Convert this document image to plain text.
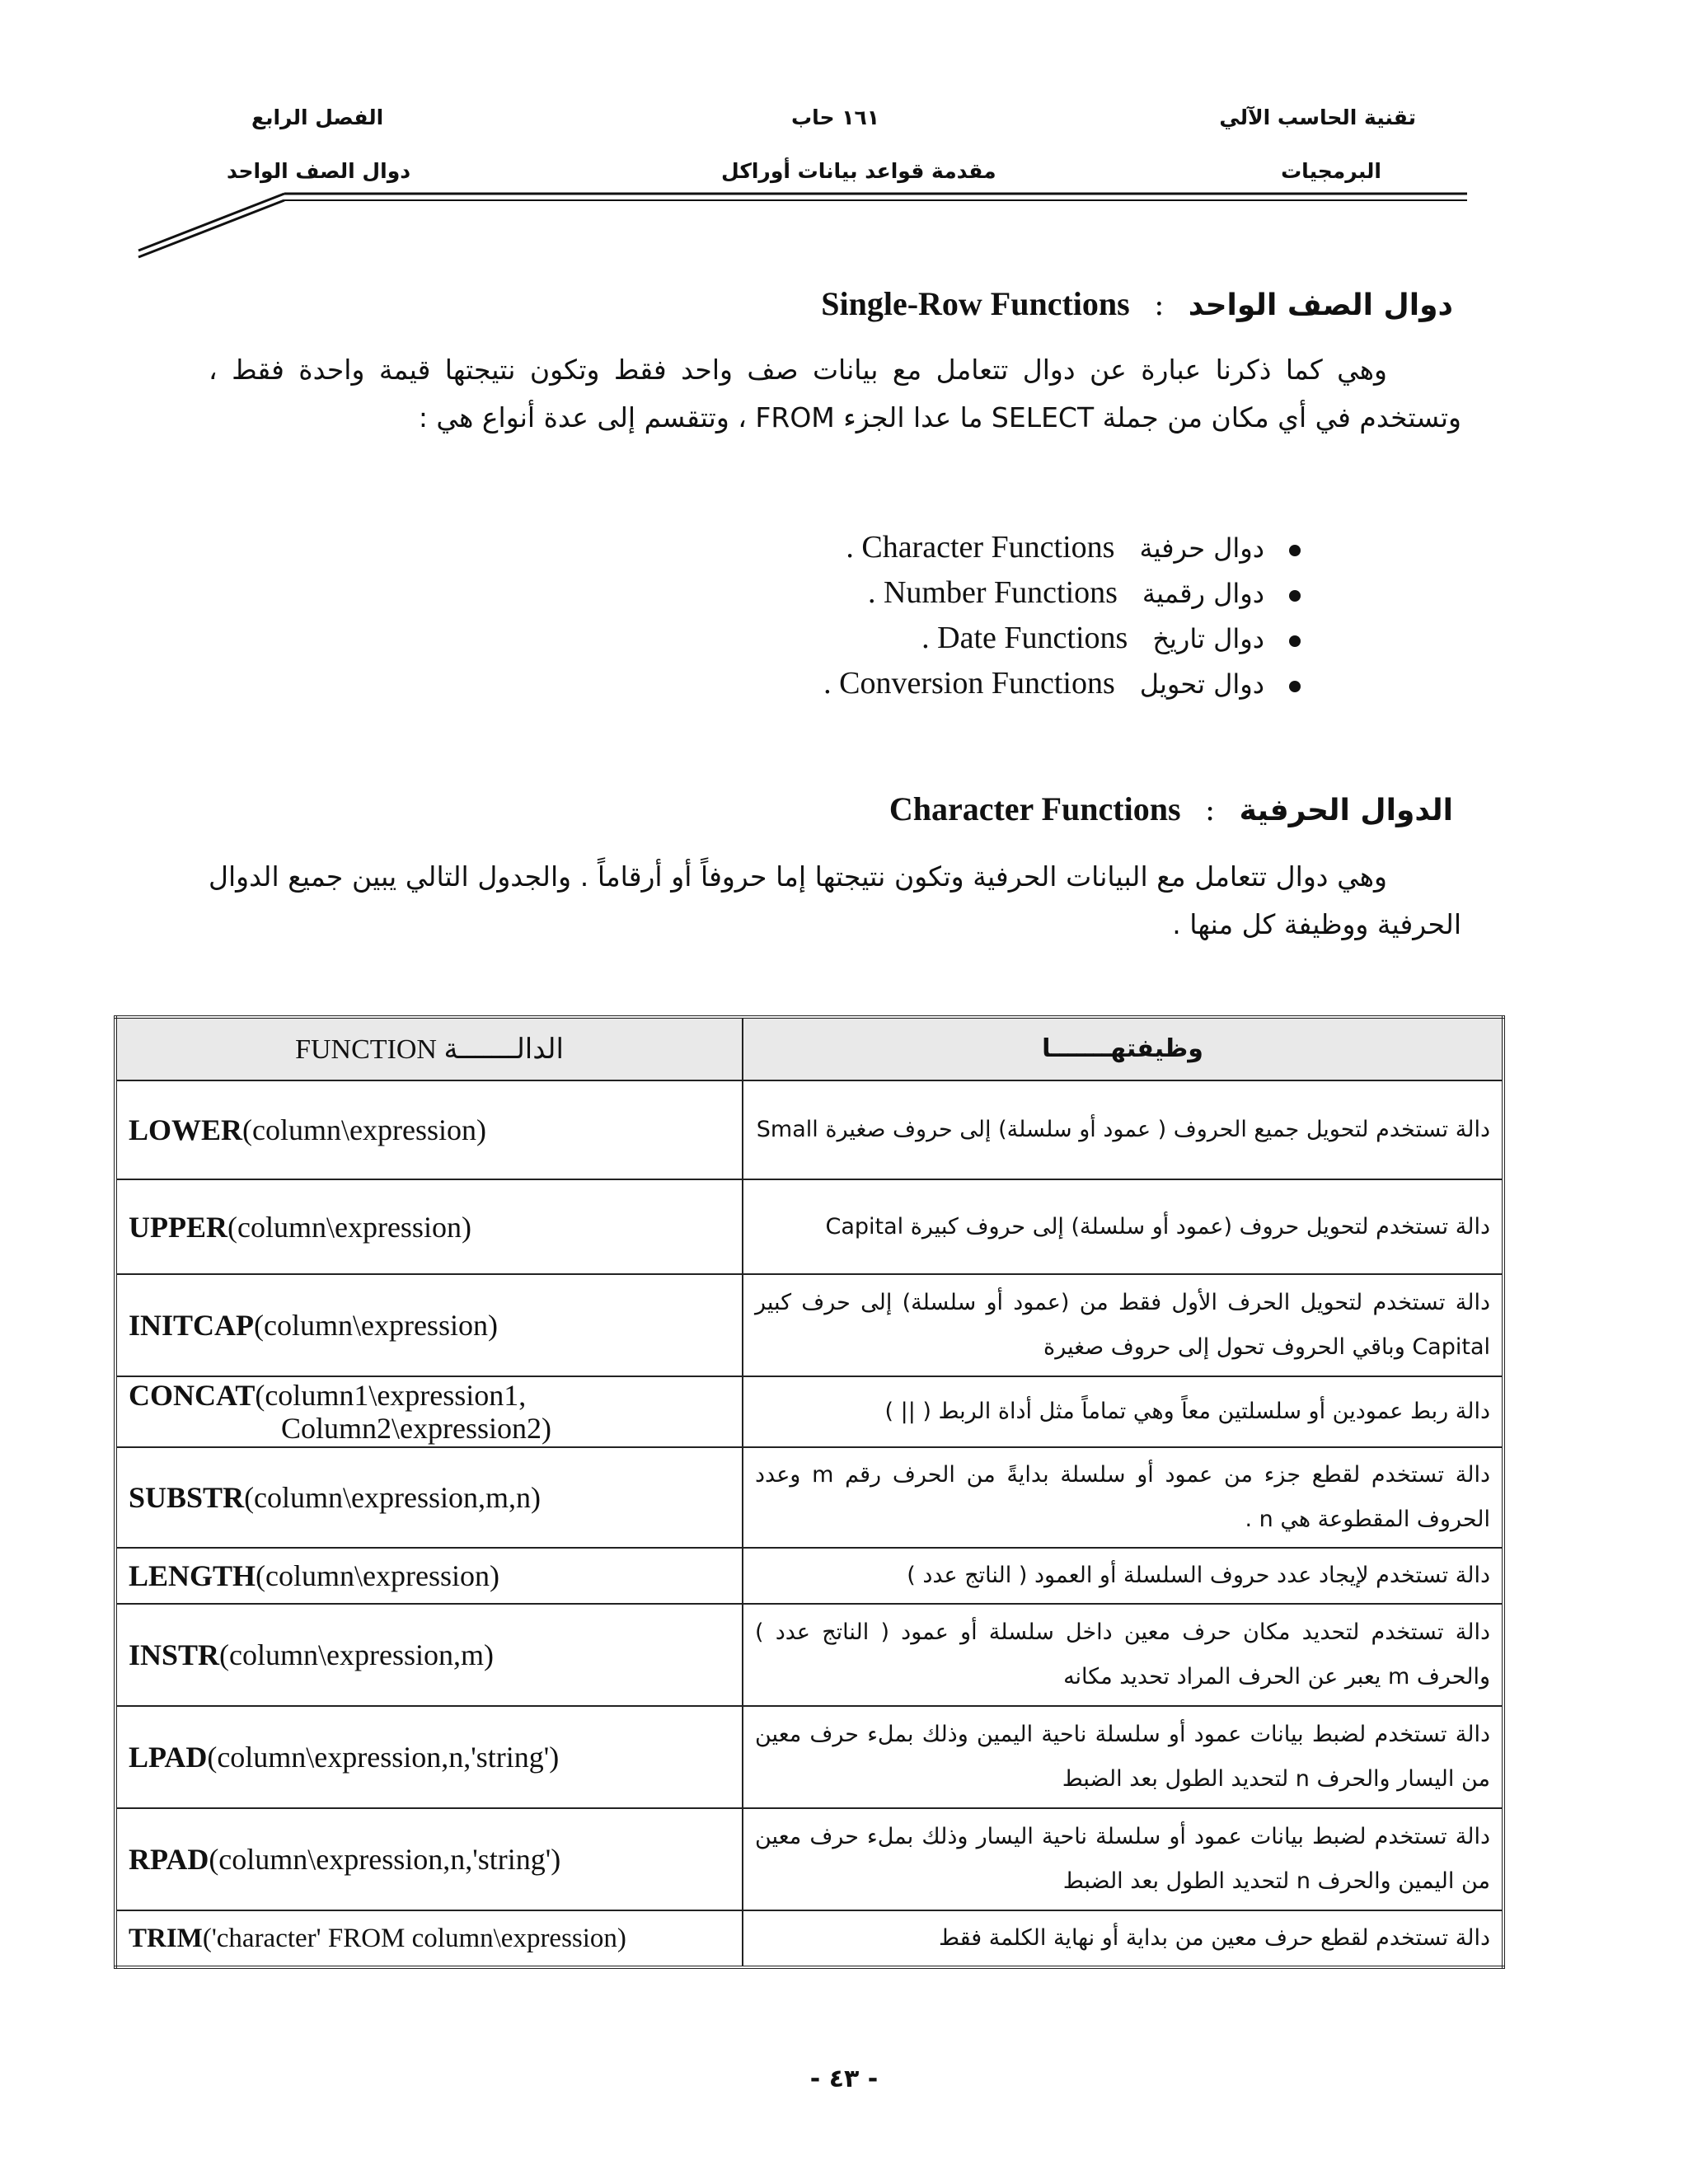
تقنية الحاسب الآلي
البرمجيات
١٦١ حاب
مقدمة قواعد بيانات أوراكل
الفصل الرابع
دوال الصف الواحد
دوال الصف الواحد : Single-Row Functions
وهي كما ذكرنا عبارة عن دوال تتعامل مع بيانات صف واحد فقط وتكون نتيجتها قيمة واحدة فقط ، وتستخدم في أي مكان من جملة SELECT ما عدا الجزء FROM ، وتتقسم إلى عدة أنواع هي :
دوال حرفيةCharacter Functions .
دوال رقميةNumber Functions .
دوال تاريخDate Functions .
دوال تحويلConversion Functions .
الدوال الحرفية : Character Functions
وهي دوال تتعامل مع البيانات الحرفية وتكون نتيجتها إما حروفاً أو أرقاماً . والجدول التالي يبين جميع الدوال الحرفية ووظيفة كل منها .
FUNCTION الدالـــــــة	وظيفتهـــــــا
LOWER(column\expression)	دالة تستخدم لتحويل جميع الحروف ( عمود أو سلسلة) إلى حروف صغيرة Small
UPPER(column\expression)	دالة تستخدم لتحويل حروف (عمود أو سلسلة) إلى حروف كبيرة Capital
INITCAP(column\expression)	دالة تستخدم لتحويل الحرف الأول فقط من (عمود أو سلسلة) إلى حرف كبير Capital وباقي الحروف تحول إلى حروف صغيرة
CONCAT(column1\expression1,
Column2\expression2)	دالة ربط عمودين أو سلسلتين معاً وهي تماماً مثل أداة الربط ( || )
SUBSTR(column\expression,m,n)	دالة تستخدم لقطع جزء من عمود أو سلسلة بدايةً من الحرف رقم m وعدد الحروف المقطوعة هي n .
LENGTH(column\expression)	دالة تستخدم لإيجاد عدد حروف السلسلة أو العمود ( الناتج عدد )
INSTR(column\expression,m)	دالة تستخدم لتحديد مكان حرف معين داخل سلسلة أو عمود ( الناتج عدد ) والحرف m يعبر عن الحرف المراد تحديد مكانه
LPAD(column\expression,n,'string')	دالة تستخدم لضبط بيانات عمود أو سلسلة ناحية اليمين وذلك بملء حرف معين من اليسار والحرف n لتحديد الطول بعد الضبط
RPAD(column\expression,n,'string')	دالة تستخدم لضبط بيانات عمود أو سلسلة ناحية اليسار وذلك بملء حرف معين من اليمين والحرف n لتحديد الطول بعد الضبط
TRIM('character' FROM column\expression)	دالة تستخدم لقطع حرف معين من بداية أو نهاية الكلمة فقط
- ٤٣ -
